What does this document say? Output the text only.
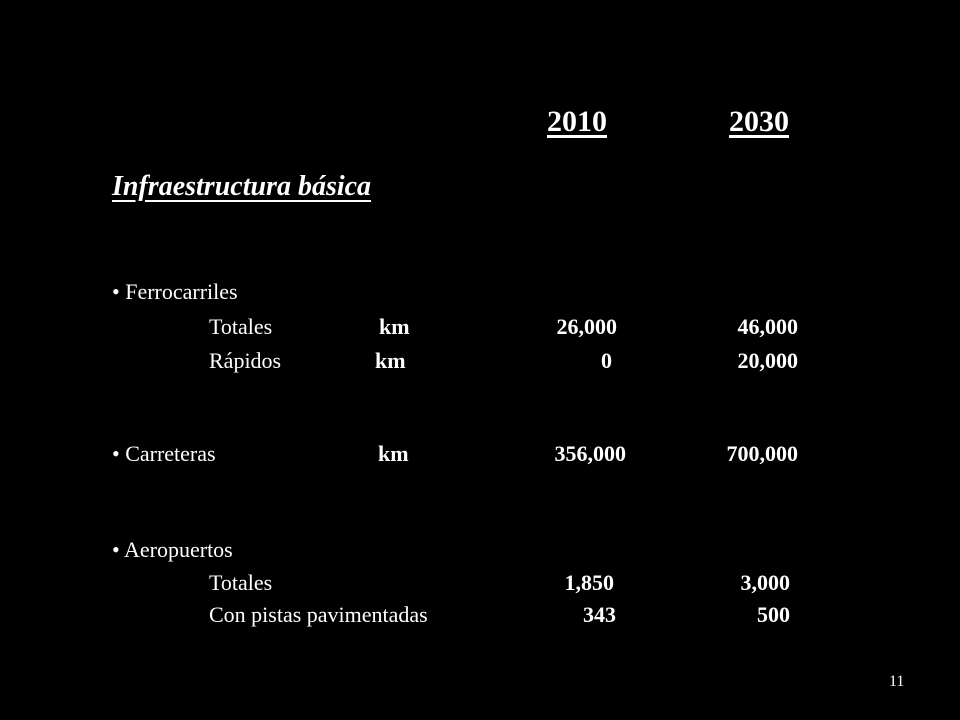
2010	2030
Infraestructura básica
• Ferrocarriles
Totales	km	26,000	46,000
Rápidos	km	0	20,000
• Carreteras	km	356,000	700,000
• Aeropuertos
Totales	1,850	3,000
Con pistas pavimentadas	343	500
11
